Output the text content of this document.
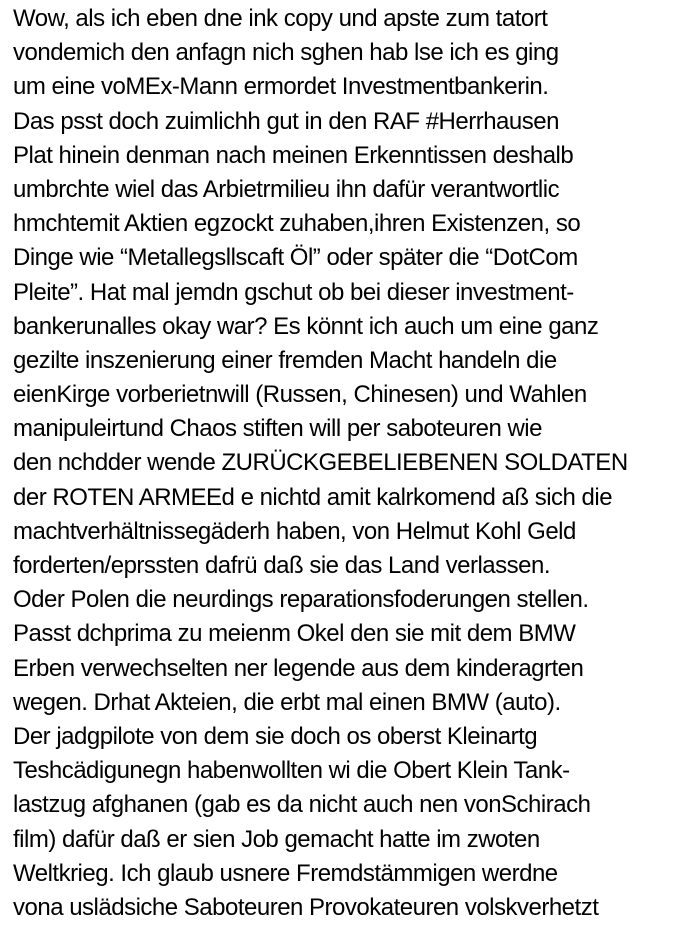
Wow, als ich eben dne ink copy und apste zum tatort
vondemich den anfagn nich sghen hab lse ich es ging
um eine voMEx-Mann ermordet Investmentbankerin.
Das psst doch zuimlichh gut in den RAF #Herrhausen
Plat hinein denman nach meinen Erkenntissen deshalb
umbrchte wiel das Arbietrmilieu ihn dafür verantwortlic
hmchtemit Aktien egzockt zuhaben,ihren Existenzen, so
Dinge wie “Metallegsllscaft Öl” oder später die “DotCom
Pleite”. Hat mal jemdn gschut ob bei dieser investment-
bankerunalles okay war? Es könnt ich auch um eine ganz
gezilte inszenierung einer fremden Macht handeln die
eienKirge vorberietnwill (Russen, Chinesen) und Wahlen
manipuleirtund Chaos stiften will per saboteuren wie
den nchdder wende ZURÜCKGEBELIEBENEN SOLDATEN
der ROTEN ARMEEd e nichtd amit kalrkomend aß sich die
machtverhältnissegäderh haben, von Helmut Kohl Geld
forderten/eprssten dafrü daß sie das Land verlassen.
Oder Polen die neurdings reparationsfoderungen stellen.
Passt dchprima zu meienm Okel den sie mit dem BMW
Erben verwechselten ner legende aus dem kinderagrten
wegen. Drhat Akteien, die erbt mal einen BMW (auto).
Der jadgpilote von dem sie doch os oberst Kleinartg
Teshcädigunegn habenwollten wi die Obert Klein Tank-
lastzug afghanen (gab es da nicht auch nen vonSchirach
film) dafür daß er sien Job gemacht hatte im zwoten
Weltkrieg. Ich glaub usnere Fremdstämmigen werdne
vona uslädsiche Saboteuren Provokateuren volskverhetzt
